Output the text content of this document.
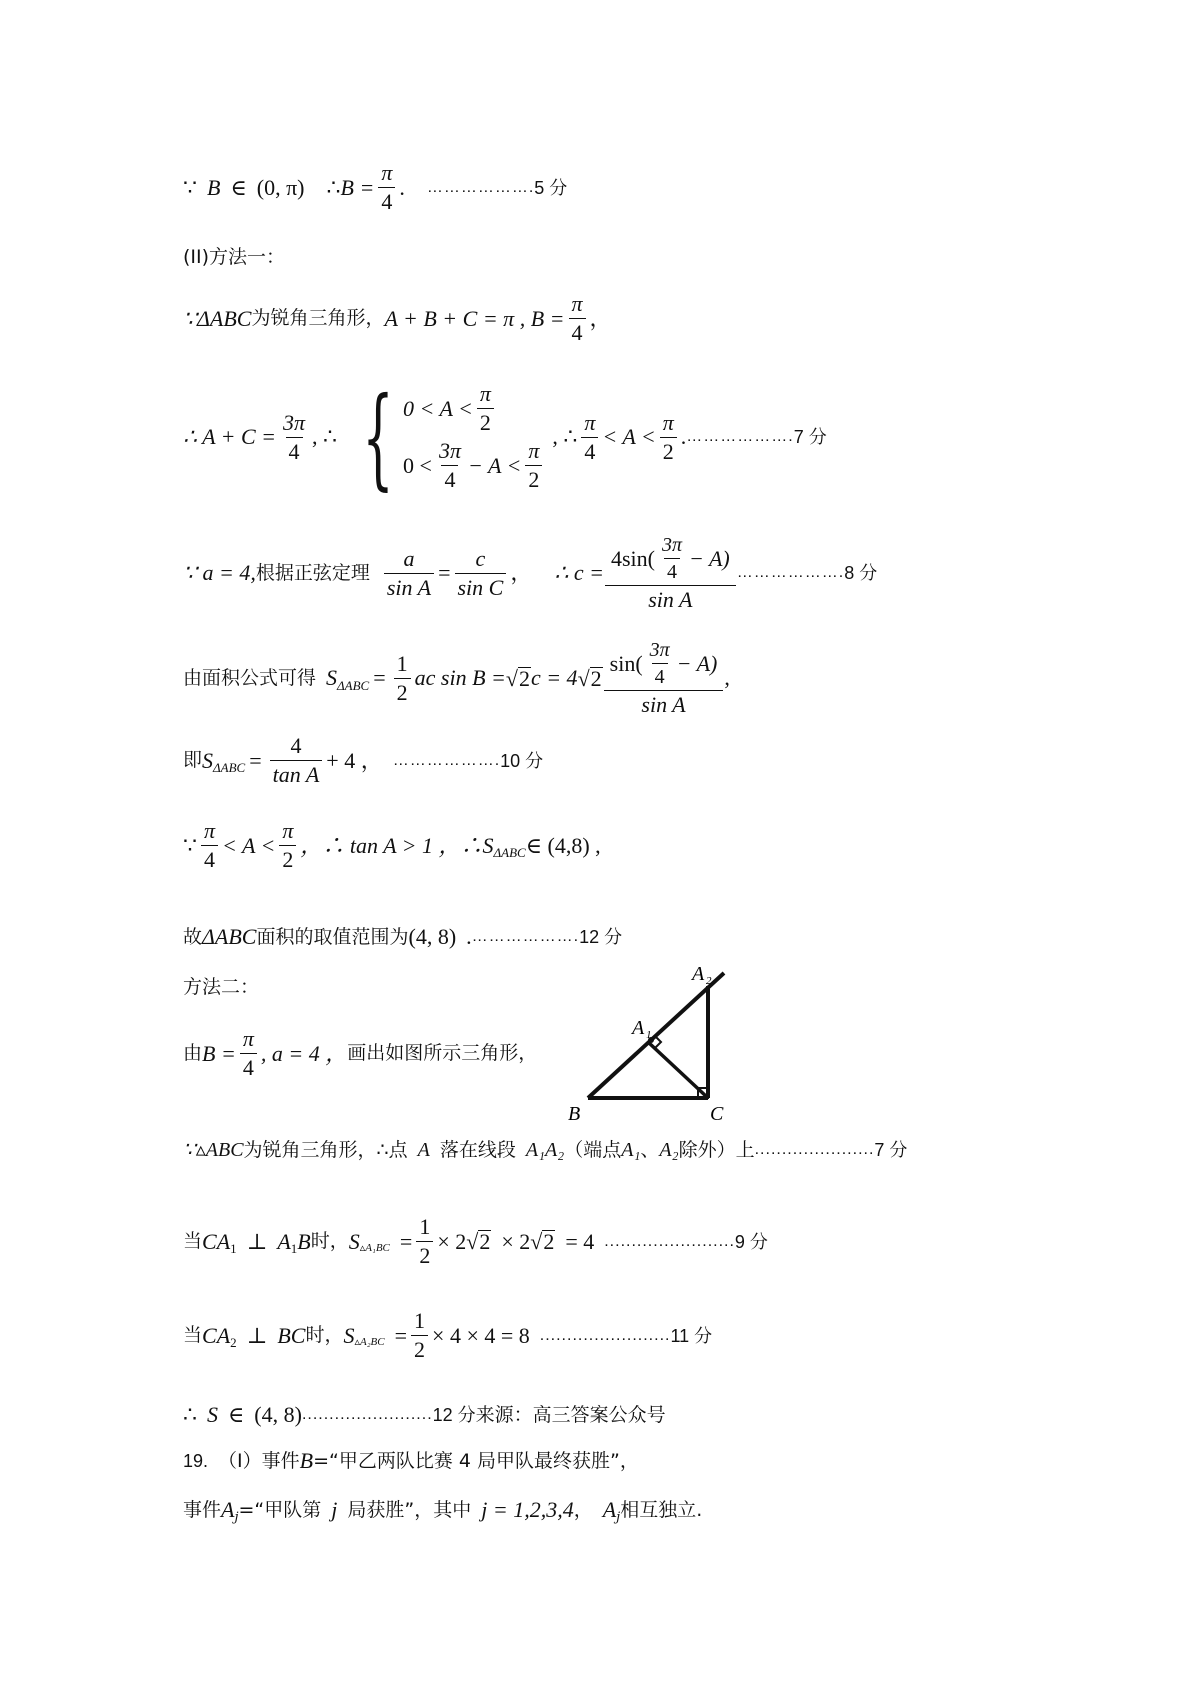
∵ B ∈ (0, π) ∴ $B = \frac{\pi}{4}$ . ………………. 5 分
(II)方法一：
∵ΔABC 为锐角三角形， A + B + C = π , $B = \frac{\pi}{4}$ ，
∴ $A + C = \frac{3\pi}{4}$ , ∴ { $0 < A < \frac{\pi}{2}$
$0 < \frac{3\pi}{4} - A < \frac{\pi}{2}$
, ∴ $\frac{\pi}{4} < A < \frac{\pi}{2}$ . ………………. 7 分
∵ a = 4, 根据正弦定理 $\frac{a}{\text{sin A}} = \frac{c}{\text{sin C}}$ ， ∴ $c = \frac{4\sin( \frac{3\pi}{4} - A)}{\text{sin A}}$ ………………. 8 分
由面积公式可得 S $\Delta ABC = \frac{1}{2}$ ac sin B = √ 2 c = 4 √ $2 \frac{\sin( \frac{3\pi}{4} - A)}{\text{sin A}}$ ,
即 S $\Delta ABC = \frac{4}{\text{tan A}} + 4$ ， ………………. 10 分
∵ $\frac{\pi}{4} < A < \frac{\pi}{2}$ ，∴ tan A > 1 ，∴ S ΔABC ∈ (4,8) ,
故 ΔABC 面积的取值范围为 (4, 8) . ………………. 12 分
方法二：
由 $B = \frac{\pi}{4}$ , a = 4 ， 画出如图所示三角形，
A 2
A 1
B	C
∵▵ABC 为锐角三角形，∴点 A 落在线段 A₁A₂ （端点 A₁ 、 A₂ 除外）上 ...................... 7 分
当 CA 1 ⊥ A 1 B 时， S ▵A₁BC = $\frac{1}{2} \times 2$ √ 2 × 2 √ 2 = 4 ........................ 9 分
当 CA 2 ⊥ BC 时， S ▵A₂BC = $\frac{1}{2} \times 4 \times 4 = 8$ ........................ 11 分
∴ S ∈ (4, 8) ........................ 12 分 来源：高三答案公众号
19. （I）事件 B = “甲乙两队比赛 4 局甲队最终获胜”，
事件 A j = “甲队第 j 局获胜”，其中 j = 1,2,3,4 ， A j 相互独立.
